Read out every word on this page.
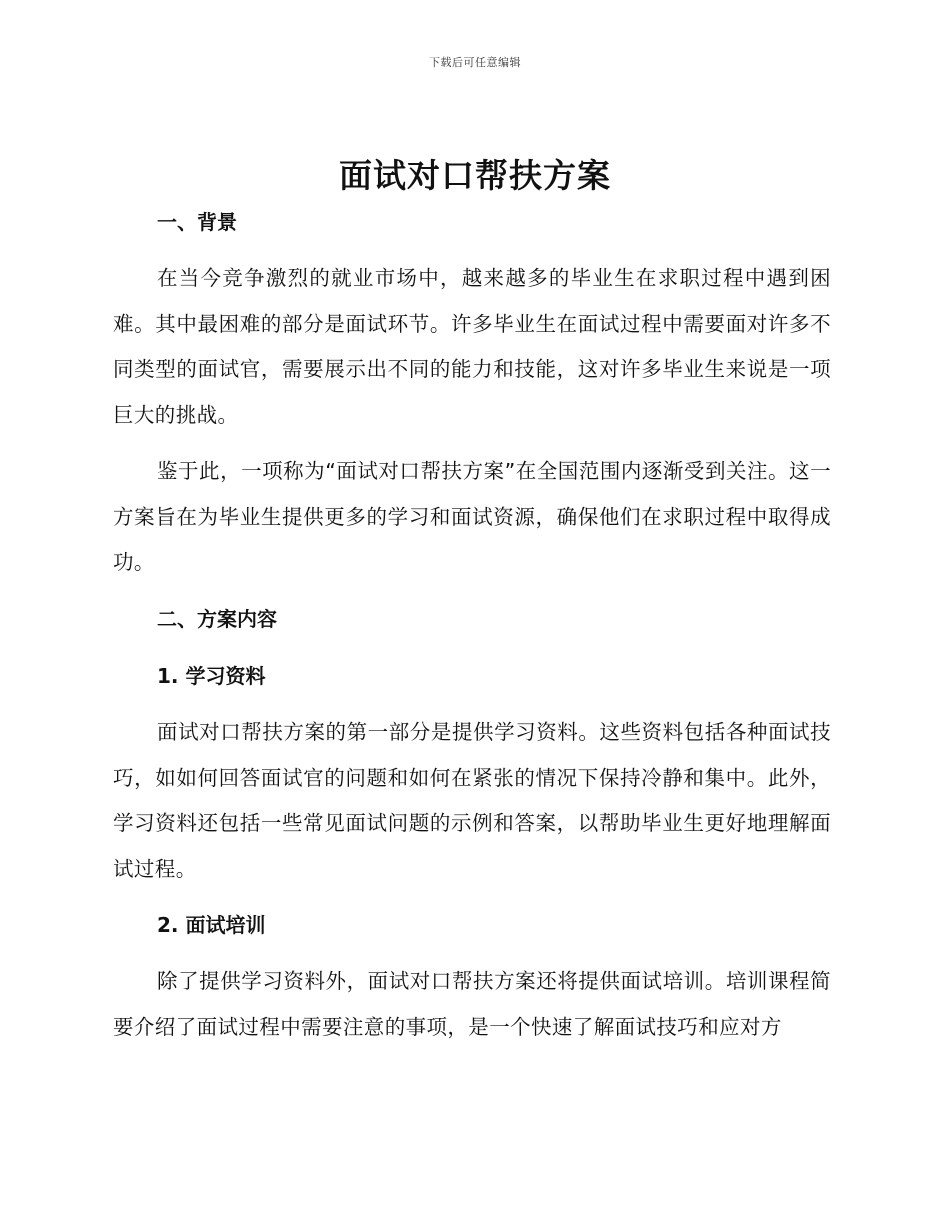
下载后可任意编辑
面试对口帮扶方案

一、背景

在当今竞争激烈的就业市场中，越来越多的毕业生在求职过程中遇到困难。其中最困难的部分是面试环节。许多毕业生在面试过程中需要面对许多不同类型的面试官，需要展示出不同的能力和技能，这对许多毕业生来说是一项巨大的挑战。

鉴于此，一项称为“面试对口帮扶方案”在全国范围内逐渐受到关注。这一方案旨在为毕业生提供更多的学习和面试资源，确保他们在求职过程中取得成功。

二、方案内容

1. 学习资料

面试对口帮扶方案的第一部分是提供学习资料。这些资料包括各种面试技巧，如如何回答面试官的问题和如何在紧张的情况下保持冷静和集中。此外，学习资料还包括一些常见面试问题的示例和答案，以帮助毕业生更好地理解面试过程。

2. 面试培训

除了提供学习资料外，面试对口帮扶方案还将提供面试培训。培训课程简要介绍了面试过程中需要注意的事项，是一个快速了解面试技巧和应对方
